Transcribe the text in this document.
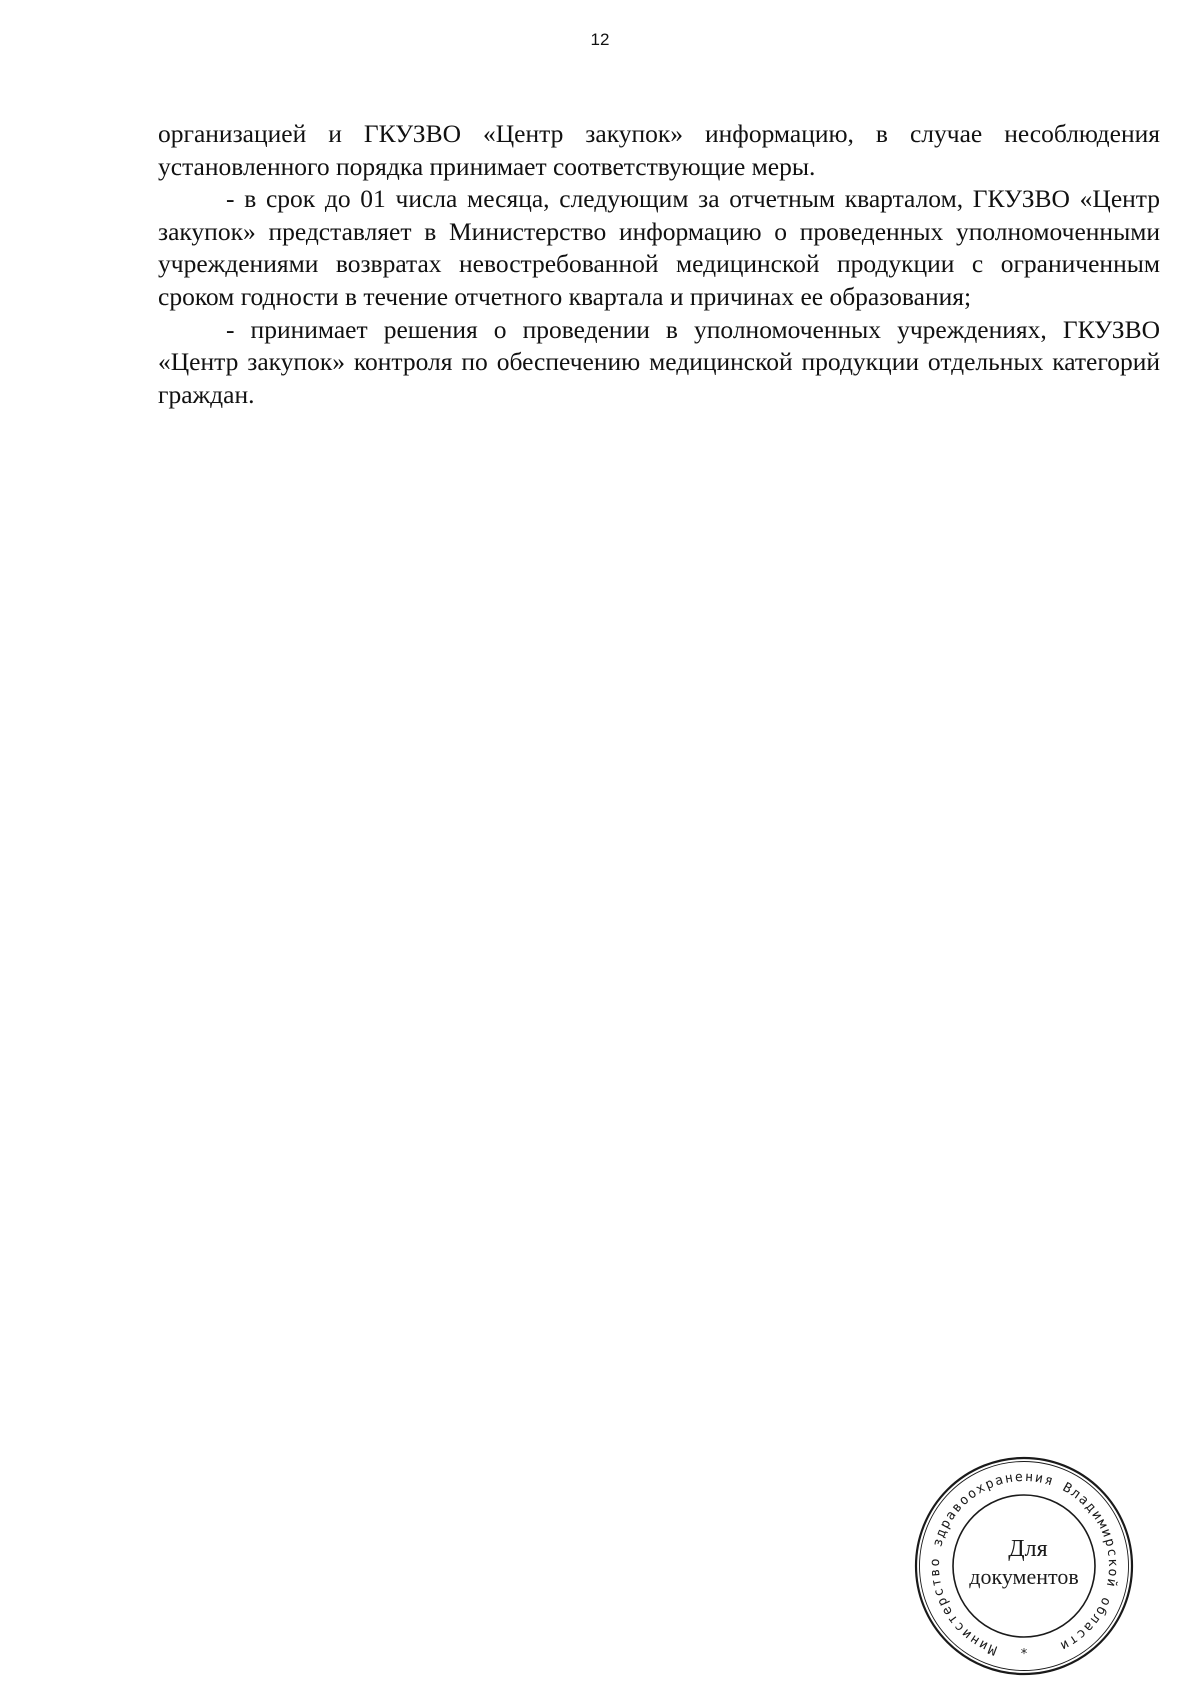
12

организацией и ГКУЗВО «Центр закупок» информацию, в случае несоблюдения установленного порядка принимает соответствующие меры.

- в срок до 01 числа месяца, следующим за отчетным кварталом, ГКУЗВО «Центр закупок» представляет в Министерство информацию о проведенных уполномоченными учреждениями возвратах невостребованной медицинской продукции с ограниченным сроком годности в течение отчетного квартала и причинах ее образования;

- принимает решения о проведении в уполномоченных учреждениях, ГКУЗВО «Центр закупок» контроля по обеспечению медицинской продукции отдельных категорий граждан.

Министерство здравоохранения Владимирской области
*
Для
документов
